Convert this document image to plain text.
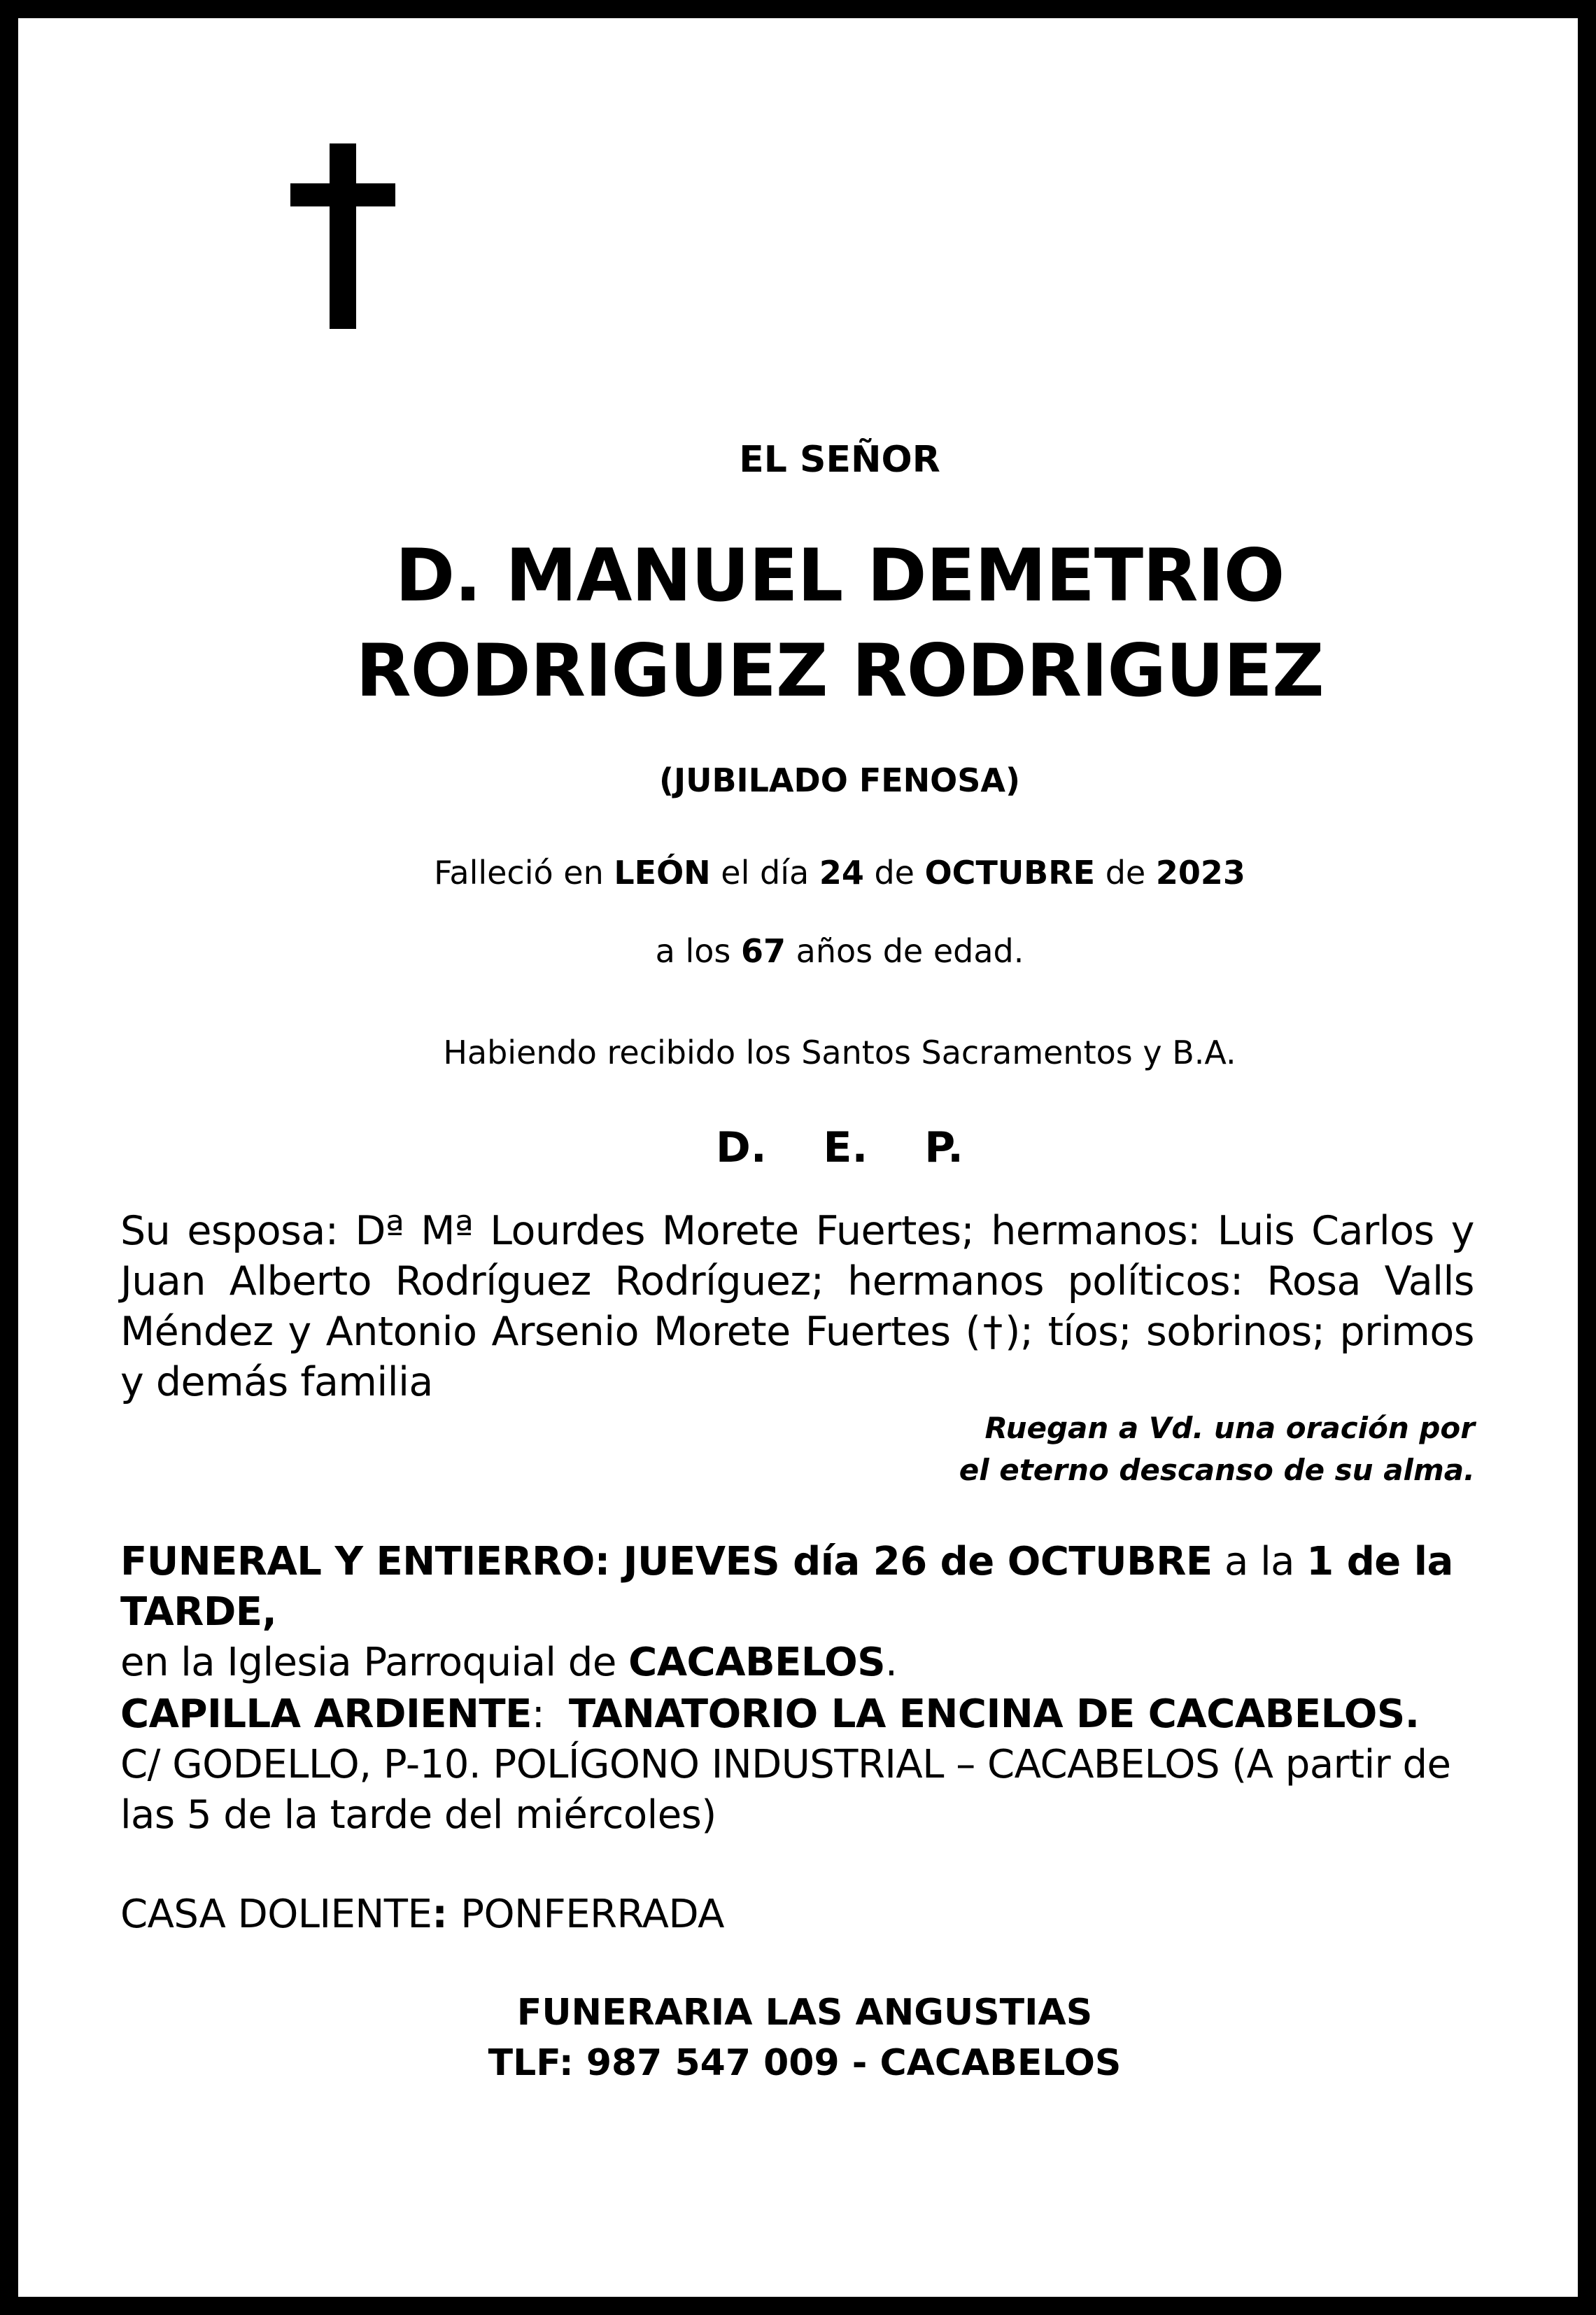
EL SEÑOR
D. MANUEL DEMETRIO
RODRIGUEZ RODRIGUEZ
(JUBILADO FENOSA)
Falleció en LEÓN el día 24 de OCTUBRE de 2023
a los 67 años de edad.
Habiendo recibido los Santos Sacramentos y B.A.
D. E. P.
Su esposa: Dª Mª Lourdes Morete Fuertes; hermanos: Luis Carlos y Juan Alberto Rodríguez Rodríguez; hermanos políticos: Rosa Valls Méndez y Antonio Arsenio Morete Fuertes (†); tíos; sobrinos; primos y demás familia
Ruegan a Vd. una oración por
el eterno descanso de su alma.
FUNERAL Y ENTIERRO: JUEVES día 26 de OCTUBRE a la 1 de la TARDE,
en la Iglesia Parroquial de CACABELOS.
CAPILLA ARDIENTE:  TANATORIO LA ENCINA DE CACABELOS.
C/ GODELLO, P-10. POLÍGONO INDUSTRIAL – CACABELOS (A partir de las 5 de la tarde del miércoles)
CASA DOLIENTE: PONFERRADA
FUNERARIA LAS ANGUSTIAS
TLF: 987 547 009 - CACABELOS
